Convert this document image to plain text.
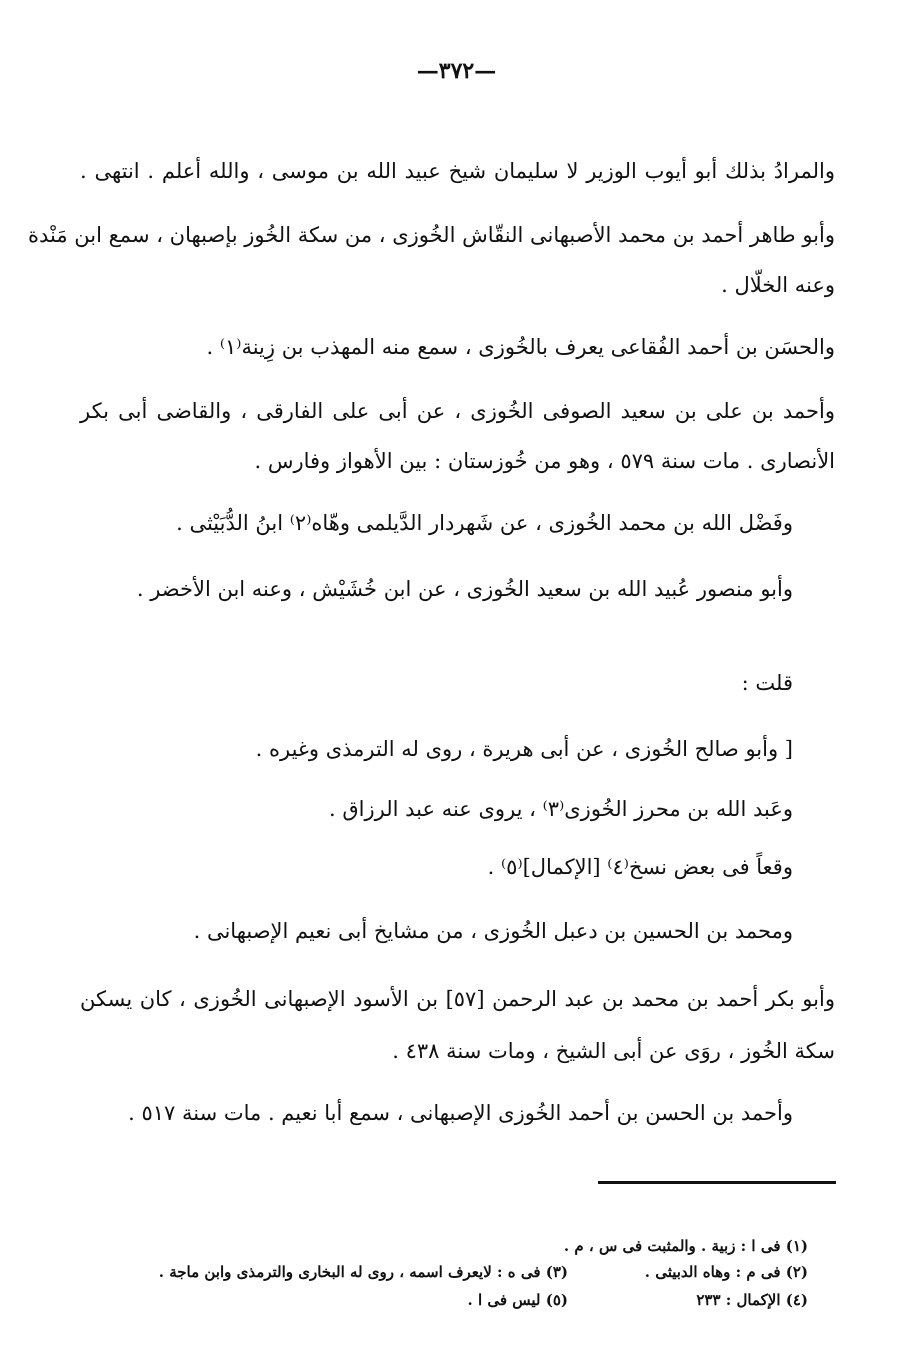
—٣٧٢—
والمرادُ بذلك أبو أيوب الوزير لا سليمان شيخ عبيد الله بن موسى ، والله أعلم . انتهى .
وأبو طاهر أحمد بن محمد الأصبهانى النقّاش الخُوزى ، من سكة الخُوز بإصبهان ، سمع ابن مَنْدة
وعنه الخلّال .
والحسَن بن أحمد الفُقاعى يعرف بالخُوزى ، سمع منه المهذب بن زِينة⁽١⁾ .
وأحمد بن على بن سعيد الصوفى الخُوزى ، عن أبى على الفارقى ، والقاضى أبى بكر
الأنصارى . مات سنة ٥٧٩ ، وهو من خُوزستان : بين الأهواز وفارس .
وفَضْل الله بن محمد الخُوزى ، عن شَهردار الدَّيلمى وهّاه⁽٢⁾ ابنُ الدُّبَيْثى .
وأبو منصور عُبيد الله بن سعيد الخُوزى ، عن ابن خُشَيْش ، وعنه ابن الأخضر .
قلت :
[ وأبو صالح الخُوزى ، عن أبى هريرة ، روى له الترمذى وغيره .
وعَبد الله بن محرز الخُوزى⁽٣⁾ ، يروى عنه عبد الرزاق .
وقعاً فى بعض نسخ⁽٤⁾ [الإكمال]⁽٥⁾ .
ومحمد بن الحسين بن دعبل الخُوزى ، من مشايخ أبى نعيم الإصبهانى .
وأبو بكر أحمد بن محمد بن عبد الرحمن [٥٧] بن الأسود الإصبهانى الخُوزى ، كان يسكن
سكة الخُوز ، روَى عن أبى الشيخ ، ومات سنة ٤٣٨ .
وأحمد بن الحسن بن أحمد الخُوزى الإصبهانى ، سمع أبا نعيم . مات سنة ٥١٧ .
(١) فى ا : زبية . والمثبت فى س ، م .
(٢) فى م : وهاه الدبيثى .
(٣) فى ه : لايعرف اسمه ، روى له البخارى والترمذى وابن ماجة .
(٤) الإكمال : ٢٣٣
(٥) ليس فى ا .
